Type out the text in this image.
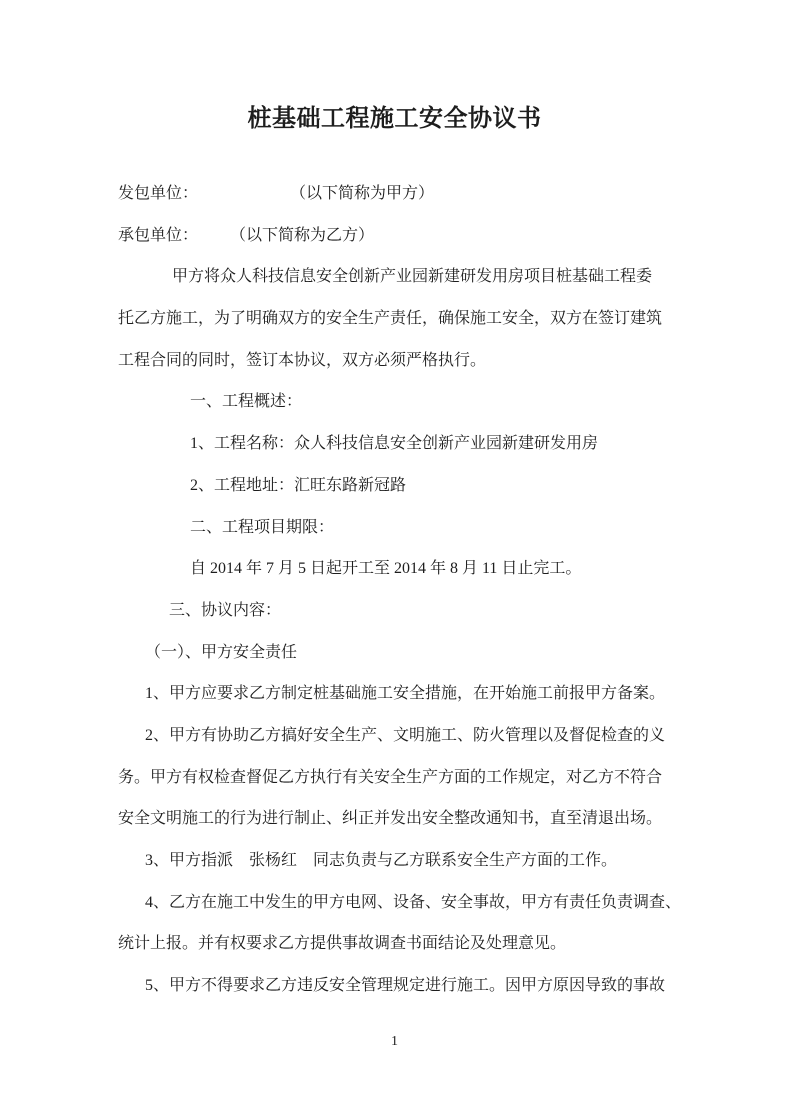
桩基础工程施工安全协议书
发包单位：　　　　　　 （以下简称为甲方）
承包单位：　　　（以下简称为乙方）
甲方将众人科技信息安全创新产业园新建研发用房项目桩基础工程委
托乙方施工，为了明确双方的安全生产责任，确保施工安全，双方在签订建筑
工程合同的同时，签订本协议，双方必须严格执行。
一、工程概述：
1、工程名称：众人科技信息安全创新产业园新建研发用房
2、工程地址：汇旺东路新冠路
二、工程项目期限：
自 2014 年 7 月 5 日起开工至 2014 年 8 月 11 日止完工。
三、协议内容：
（一）、甲方安全责任
1、甲方应要求乙方制定桩基础施工安全措施，在开始施工前报甲方备案。
2、甲方有协助乙方搞好安全生产、文明施工、防火管理以及督促检查的义
务。甲方有权检查督促乙方执行有关安全生产方面的工作规定，对乙方不符合
安全文明施工的行为进行制止、纠正并发出安全整改通知书，直至清退出场。
3、甲方指派　张杨红　同志负责与乙方联系安全生产方面的工作。
4、乙方在施工中发生的甲方电网、设备、安全事故，甲方有责任负责调查、
统计上报。并有权要求乙方提供事故调查书面结论及处理意见。
5、甲方不得要求乙方违反安全管理规定进行施工。因甲方原因导致的事故
1
